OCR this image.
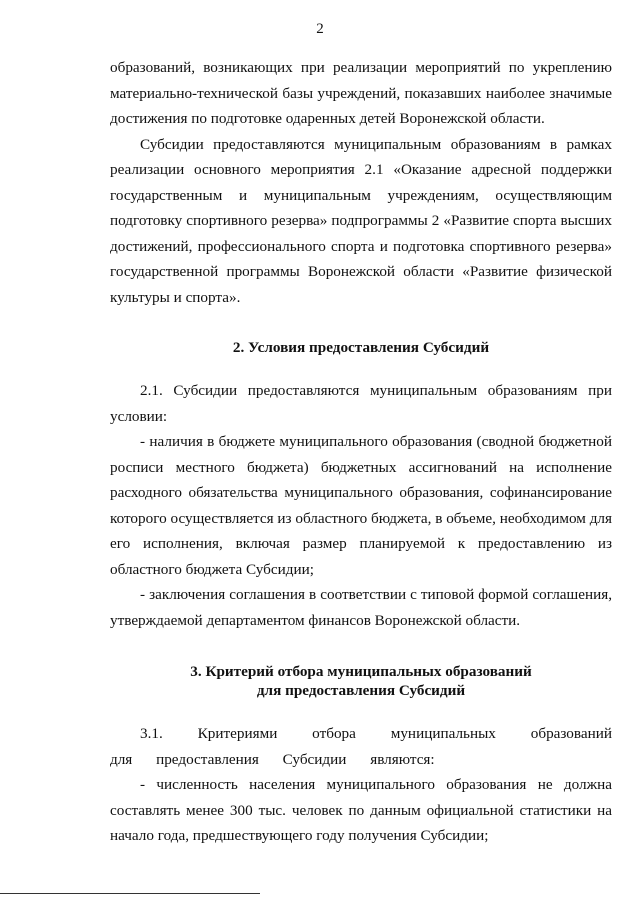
2

образований, возникающих при реализации мероприятий по укреплению материально-технической базы учреждений, показавших наиболее значимые достижения по подготовке одаренных детей Воронежской области.

Субсидии предоставляются муниципальным образованиям в рамках реализации основного мероприятия 2.1 «Оказание адресной поддержки государственным и муниципальным учреждениям, осуществляющим подготовку спортивного резерва» подпрограммы 2 «Развитие спорта высших достижений, профессионального спорта и подготовка спортивного резерва» государственной программы Воронежской области «Развитие физической культуры и спорта».

2. Условия предоставления Субсидий

2.1. Субсидии предоставляются муниципальным образованиям при условии:

- наличия в бюджете муниципального образования (сводной бюджетной росписи местного бюджета) бюджетных ассигнований на исполнение расходного обязательства муниципального образования, софинансирование которого осуществляется из областного бюджета, в объеме, необходимом для его исполнения, включая размер планируемой к предоставлению из областного бюджета Субсидии;

- заключения соглашения в соответствии с типовой формой соглашения, утверждаемой департаментом финансов Воронежской области.

3. Критерий отбора муниципальных образований
для предоставления Субсидий

3.1. Критериями отбора муниципальных образований для предоставления Субсидии являются:

- численность населения муниципального образования не должна составлять менее 300 тыс. человек по данным официальной статистики на начало года, предшествующего году получения Субсидии;
